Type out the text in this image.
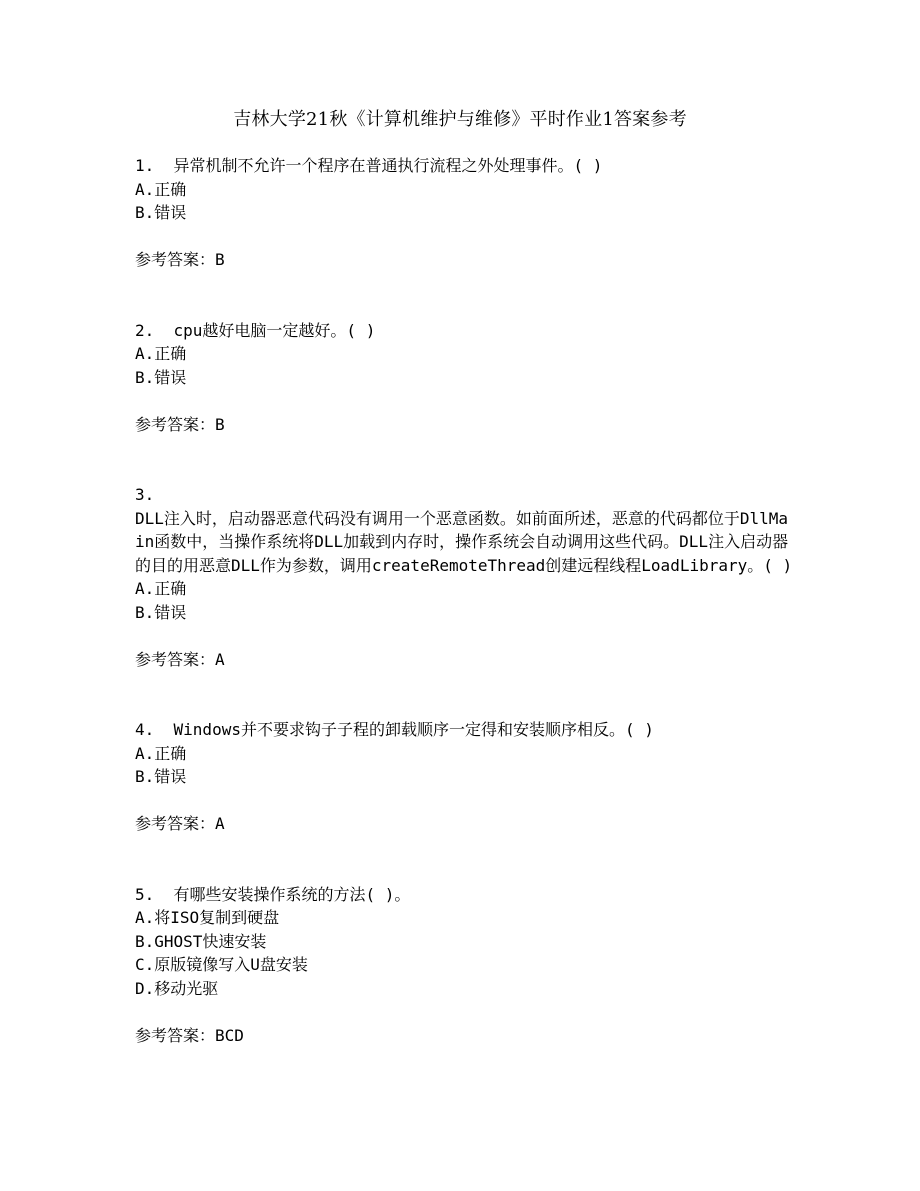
吉林大学21秋《计算机维护与维修》平时作业1答案参考

1. 异常机制不允许一个程序在普通执行流程之外处理事件。( )

A.正确

B.错误

参考答案：B

2. cpu越好电脑一定越好。( )

A.正确

B.错误

参考答案：B

3.

DLL注入时，启动器恶意代码没有调用一个恶意函数。如前面所述，恶意的代码都位于DllMain函数中，当操作系统将DLL加载到内存时，操作系统会自动调用这些代码。DLL注入启动器的目的用恶意DLL作为参数，调用createRemoteThread创建远程线程LoadLibrary。( )

A.正确

B.错误

参考答案：A

4. Windows并不要求钩子子程的卸载顺序一定得和安装顺序相反。( )

A.正确

B.错误

参考答案：A

5. 有哪些安装操作系统的方法( )。

A.将ISO复制到硬盘

B.GHOST快速安装

C.原版镜像写入U盘安装

D.移动光驱

参考答案：BCD
